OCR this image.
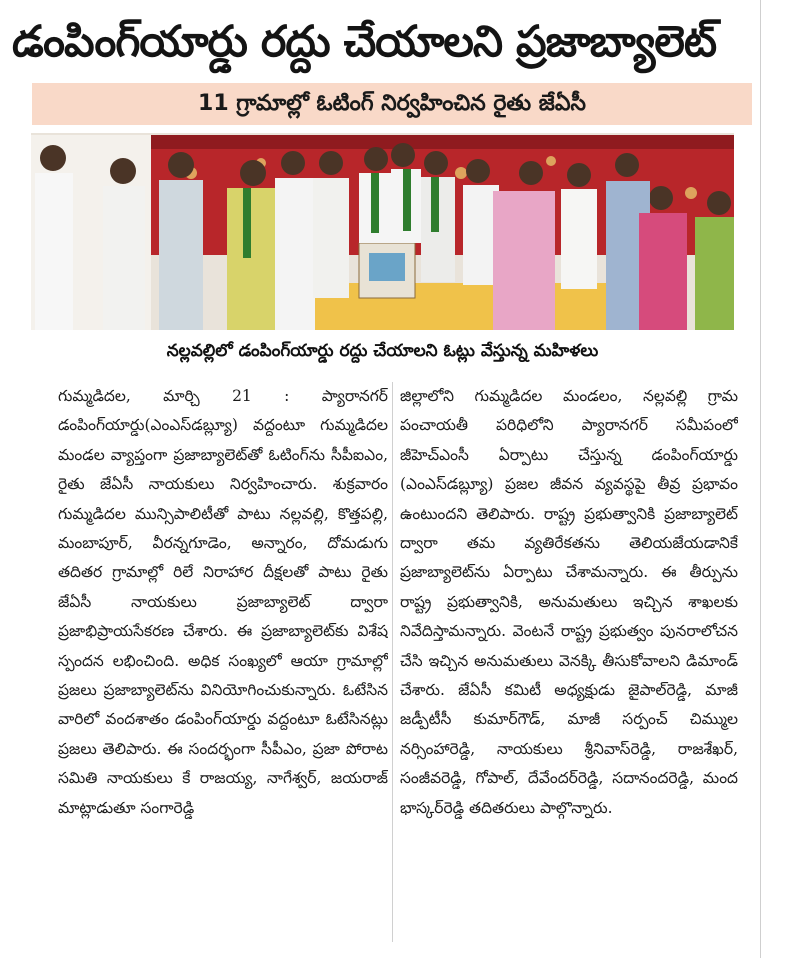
డంపింగ్‌యార్డు రద్దు చేయాలని ప్రజాబ్యాలెట్
11 గ్రామాల్లో ఓటింగ్ నిర్వహించిన రైతు జేఏసీ
నల్లవల్లిలో డంపింగ్‌యార్డు రద్దు చేయాలని ఓట్లు వేస్తున్న మహిళలు
గుమ్మడిదల, మార్చి 21 : ప్యారానగర్ డంపింగ్‌యార్డు(ఎంఎస్‌డబ్ల్యూ) వద్దంటూ గుమ్మడిదల మండల వ్యాప్తంగా ప్రజాబ్యాలెట్‌తో ఓటింగ్‌ను సీపీఐఎం, రైతు జేఏసీ నాయకులు నిర్వహించారు. శుక్రవారం గుమ్మడిదల మున్సిపాలిటీతో పాటు నల్లవల్లి, కొత్తపల్లి, మంబాపూర్, వీరన్నగూడెం, అన్నారం, దోమడుగు తదితర గ్రామాల్లో రిలే నిరాహార దీక్షలతో పాటు రైతు జేఏసీ నాయకులు ప్రజాబ్యాలెట్ ద్వారా ప్రజాభిప్రాయసేకరణ చేశారు. ఈ ప్రజాబ్యాలెట్‌కు విశేష స్పందన లభించింది. అధిక సంఖ్యలో ఆయా గ్రామాల్లో ప్రజలు ప్రజాబ్యాలెట్‌ను వినియోగించుకున్నారు. ఓటేసిన వారిలో వందశాతం డంపింగ్‌యార్డు వద్దంటూ ఓటేసినట్లు ప్రజలు తెలిపారు. ఈ సందర్భంగా సీపీఎం, ప్రజా పోరాట సమితి నాయకులు కే రాజయ్య, నాగేశ్వర్, జయరాజ్ మాట్లాడుతూ సంగారెడ్డి
జిల్లాలోని గుమ్మడిదల మండలం, నల్లవల్లి గ్రామ పంచాయతీ పరిధిలోని ప్యారానగర్ సమీపంలో జీహెచ్ఎంసీ ఏర్పాటు చేస్తున్న డంపింగ్‌యార్డు (ఎంఎస్‌డబ్ల్యూ) ప్రజల జీవన వ్యవస్థపై తీవ్ర ప్రభావం ఉంటుందని తెలిపారు. రాష్ట్ర ప్రభుత్వానికి ప్రజాబ్యాలెట్ ద్వారా తమ వ్యతిరేకతను తెలియజేయడానికే ప్రజాబ్యాలెట్‌ను ఏర్పాటు చేశామన్నారు. ఈ తీర్పును రాష్ట్ర ప్రభుత్వానికి, అనుమతులు ఇచ్చిన శాఖలకు నివేదిస్తామన్నారు. వెంటనే రాష్ట్ర ప్రభుత్వం పునరాలోచన చేసి ఇచ్చిన అనుమతులు వెనక్కి తీసుకోవాలని డిమాండ్ చేశారు. జేఏసీ కమిటీ అధ్యక్షుడు జైపాల్‌రెడ్డి, మాజీ జడ్పీటీసీ కుమార్‌గౌడ్, మాజీ సర్పంచ్ చిమ్ముల నర్సింహారెడ్డి, నాయకులు శ్రీనివాస్‌రెడ్డి, రాజశేఖర్, సంజీవరెడ్డి, గోపాల్, దేవేందర్‌రెడ్డి, సదానందరెడ్డి, మంద భాస్కర్‌రెడ్డి తదితరులు పాల్గొన్నారు.
